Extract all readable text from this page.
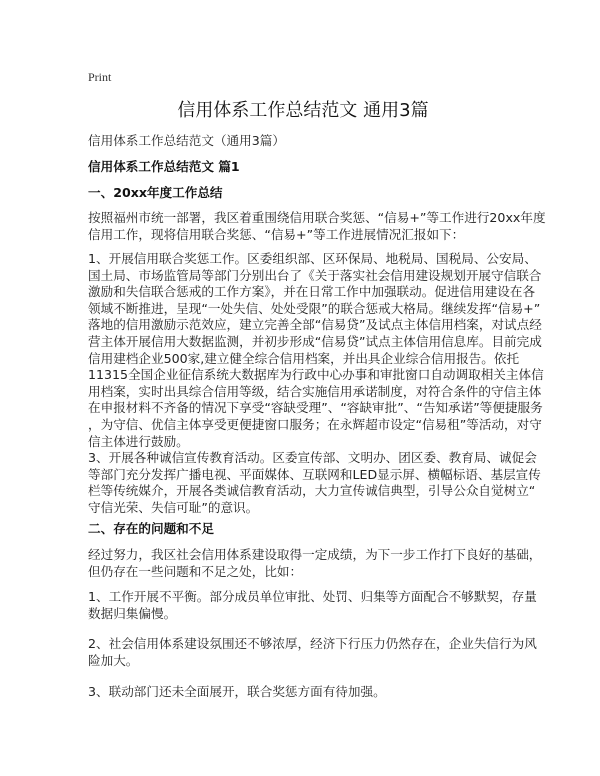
Print
信用体系工作总结范文 通用3篇
信用体系工作总结范文（通用3篇）
信用体系工作总结范文 篇1
一、20xx年度工作总结
按照福州市统一部署，我区着重围绕信用联合奖惩、“信易+”等工作进行20xx年度
信用工作，现将信用联合奖惩、“信易+”等工作进展情况汇报如下：
1、开展信用联合奖惩工作。区委组织部、区环保局、地税局、国税局、公安局、
国土局、市场监管局等部门分别出台了《关于落实社会信用建设规划开展守信联合
激励和失信联合惩戒的工作方案》，并在日常工作中加强联动。促进信用建设在各
领域不断推进，呈现“一处失信、处处受限”的联合惩戒大格局。继续发挥“信易+”
落地的信用激励示范效应，建立完善全部“信易贷”及试点主体信用档案，对试点经
营主体开展信用大数据监测，并初步形成“信易贷”试点主体信用信息库。目前完成
信用建档企业500家,建立健全综合信用档案，并出具企业综合信用报告。依托
11315全国企业征信系统大数据库为行政中心办事和审批窗口自动调取相关主体信
用档案，实时出具综合信用等级，结合实施信用承诺制度，对符合条件的守信主体
在申报材料不齐备的情况下享受“容缺受理”、“容缺审批”、“告知承诺”等便捷服务
，为守信、优信主体享受更便捷窗口服务；在永辉超市设定“信易租”等活动，对守
信主体进行鼓励。
3、开展各种诚信宣传教育活动。区委宣传部、文明办、团区委、教育局、诚促会
等部门充分发挥广播电视、平面媒体、互联网和LED显示屏、横幅标语、基层宣传
栏等传统媒介，开展各类诚信教育活动，大力宣传诚信典型，引导公众自觉树立“
守信光荣、失信可耻”的意识。
二、存在的问题和不足
经过努力，我区社会信用体系建设取得一定成绩，为下一步工作打下良好的基础，
但仍存在一些问题和不足之处，比如：
1、工作开展不平衡。部分成员单位审批、处罚、归集等方面配合不够默契，存量
数据归集偏慢。
2、社会信用体系建设氛围还不够浓厚，经济下行压力仍然存在，企业失信行为风
险加大。
3、联动部门还未全面展开，联合奖惩方面有待加强。
